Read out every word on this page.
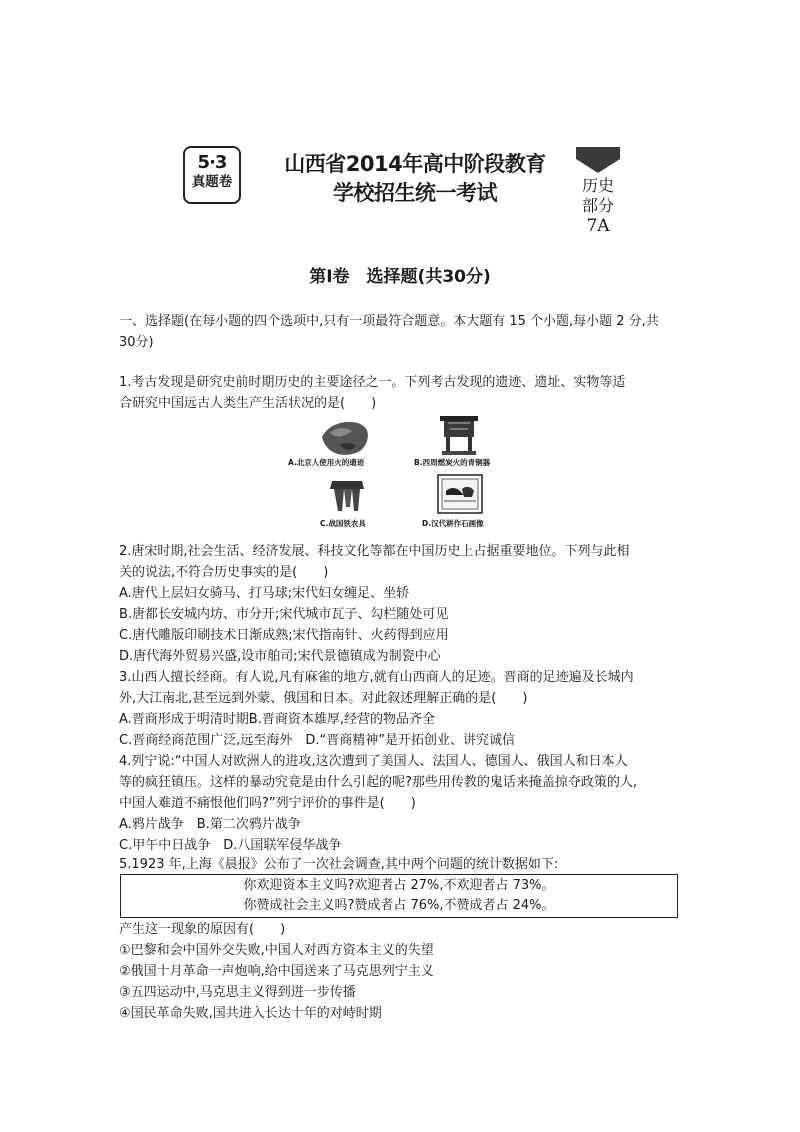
5·3
真题卷
山西省2014年高中阶段教育
学校招生统一考试	历史
部分
7A
第Ⅰ卷　选择题(共30分)
一、选择题(在每小题的四个选项中,只有一项最符合题意。本大题有 15 个小题,每小题 2 分,共
30分)
1.考古发现是研究史前时期历史的主要途径之一。下列考古发现的遗迹、遗址、实物等适
合研究中国远古人类生产生活状况的是(　　)
A.北京人使用火的遗迹	B.西周燃炭火的青铜器
C.战国铁农具	D.汉代耕作石画像
2.唐宋时期,社会生活、经济发展、科技文化等都在中国历史上占据重要地位。下列与此相
关的说法,不符合历史事实的是(　　)
A.唐代上层妇女骑马、打马球;宋代妇女缠足、坐轿
B.唐都长安城内坊、市分开;宋代城市瓦子、勾栏随处可见
C.唐代雕版印刷技术日渐成熟;宋代指南针、火药得到应用
D.唐代海外贸易兴盛,设市舶司;宋代景德镇成为制瓷中心
3.山西人擅长经商。有人说,凡有麻雀的地方,就有山西商人的足迹。晋商的足迹遍及长城内
外,大江南北,甚至远到外蒙、俄国和日本。对此叙述理解正确的是(　　)
A.晋商形成于明清时期B.晋商资本雄厚,经营的物品齐全
C.晋商经商范围广泛,远至海外　D.“晋商精神”是开拓创业、讲究诚信
4.列宁说:“中国人对欧洲人的进攻,这次遭到了美国人、法国人、德国人、俄国人和日本人
等的疯狂镇压。这样的暴动究竟是由什么引起的呢?那些用传教的鬼话来掩盖掠夺政策的人,
中国人难道不痛恨他们吗?”列宁评价的事件是(　　)
A.鸦片战争　B.第二次鸦片战争
C.甲午中日战争　D.八国联军侵华战争
5.1923 年,上海《晨报》公布了一次社会调查,其中两个问题的统计数据如下:
你欢迎资本主义吗?欢迎者占 27%,不欢迎者占 73%。
你赞成社会主义吗?赞成者占 76%,不赞成者占 24%。
产生这一现象的原因有(　　)
①巴黎和会中国外交失败,中国人对西方资本主义的失望
②俄国十月革命一声炮响,给中国送来了马克思列宁主义
③五四运动中,马克思主义得到进一步传播
④国民革命失败,国共进入长达十年的对峙时期
